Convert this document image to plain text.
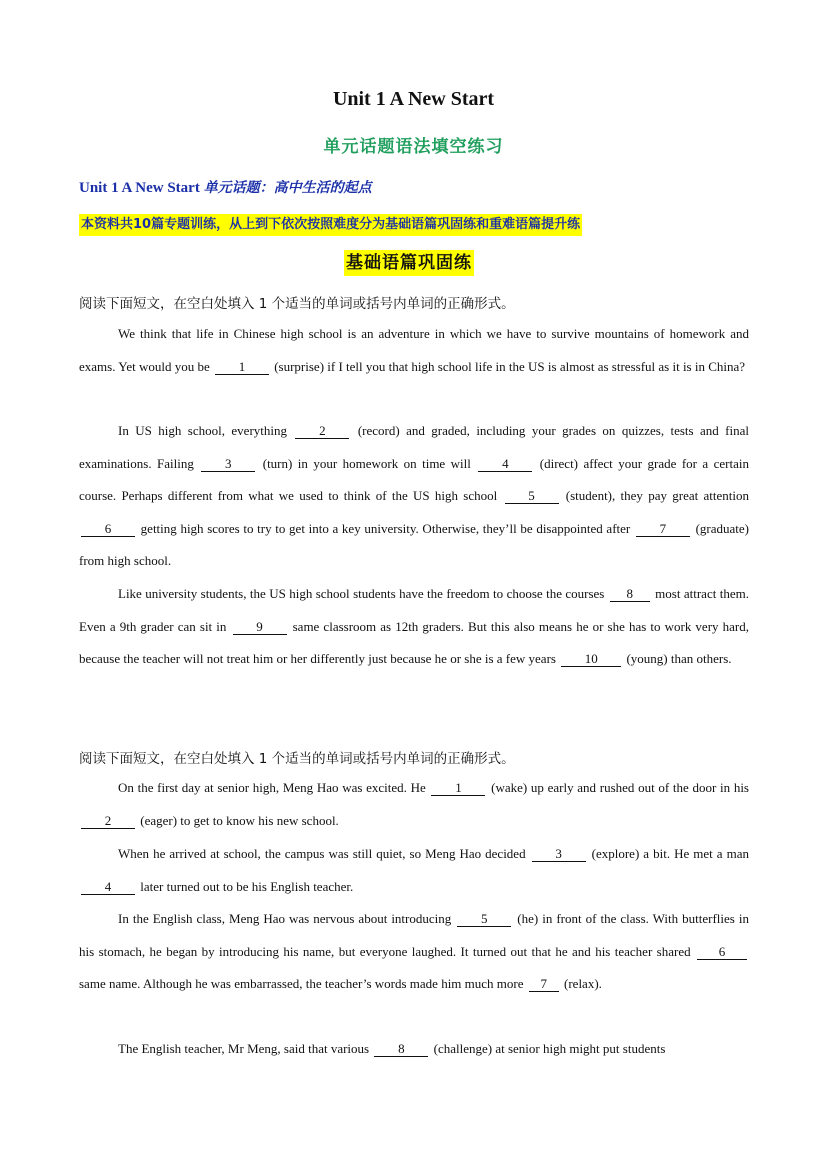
Unit 1 A New Start
单元话题语法填空练习
Unit 1 A New Start 单元话题：高中生活的起点
本资料共10篇专题训练，从上到下依次按照难度分为基础语篇巩固练和重难语篇提升练
基础语篇巩固练
阅读下面短文，在空白处填入 1 个适当的单词或括号内单词的正确形式。
We think that life in Chinese high school is an adventure in which we have to survive mountains of homework and exams. Yet would you be 1 (surprise) if I tell you that high school life in the US is almost as stressful as it is in China?
In US high school, everything 2 (record) and graded, including your grades on quizzes, tests and final examinations. Failing 3 (turn) in your homework on time will 4 (direct) affect your grade for a certain course. Perhaps different from what we used to think of the US high school 5 (student), they pay great attention 6 getting high scores to try to get into a key university. Otherwise, they’ll be disappointed after 7 (graduate) from high school.
Like university students, the US high school students have the freedom to choose the courses 8 most attract them. Even a 9th grader can sit in 9 same classroom as 12th graders. But this also means he or she has to work very hard, because the teacher will not treat him or her differently just because he or she is a few years 10 (young) than others.
阅读下面短文，在空白处填入 1 个适当的单词或括号内单词的正确形式。
On the first day at senior high, Meng Hao was excited. He 1 (wake) up early and rushed out of the door in his 2 (eager) to get to know his new school.
When he arrived at school, the campus was still quiet, so Meng Hao decided 3 (explore) a bit. He met a man 4 later turned out to be his English teacher.
In the English class, Meng Hao was nervous about introducing 5 (he) in front of the class. With butterflies in his stomach, he began by introducing his name, but everyone laughed. It turned out that he and his teacher shared 6 same name. Although he was embarrassed, the teacher’s words made him much more 7 (relax).
The English teacher, Mr Meng, said that various 8 (challenge) at senior high might put students
